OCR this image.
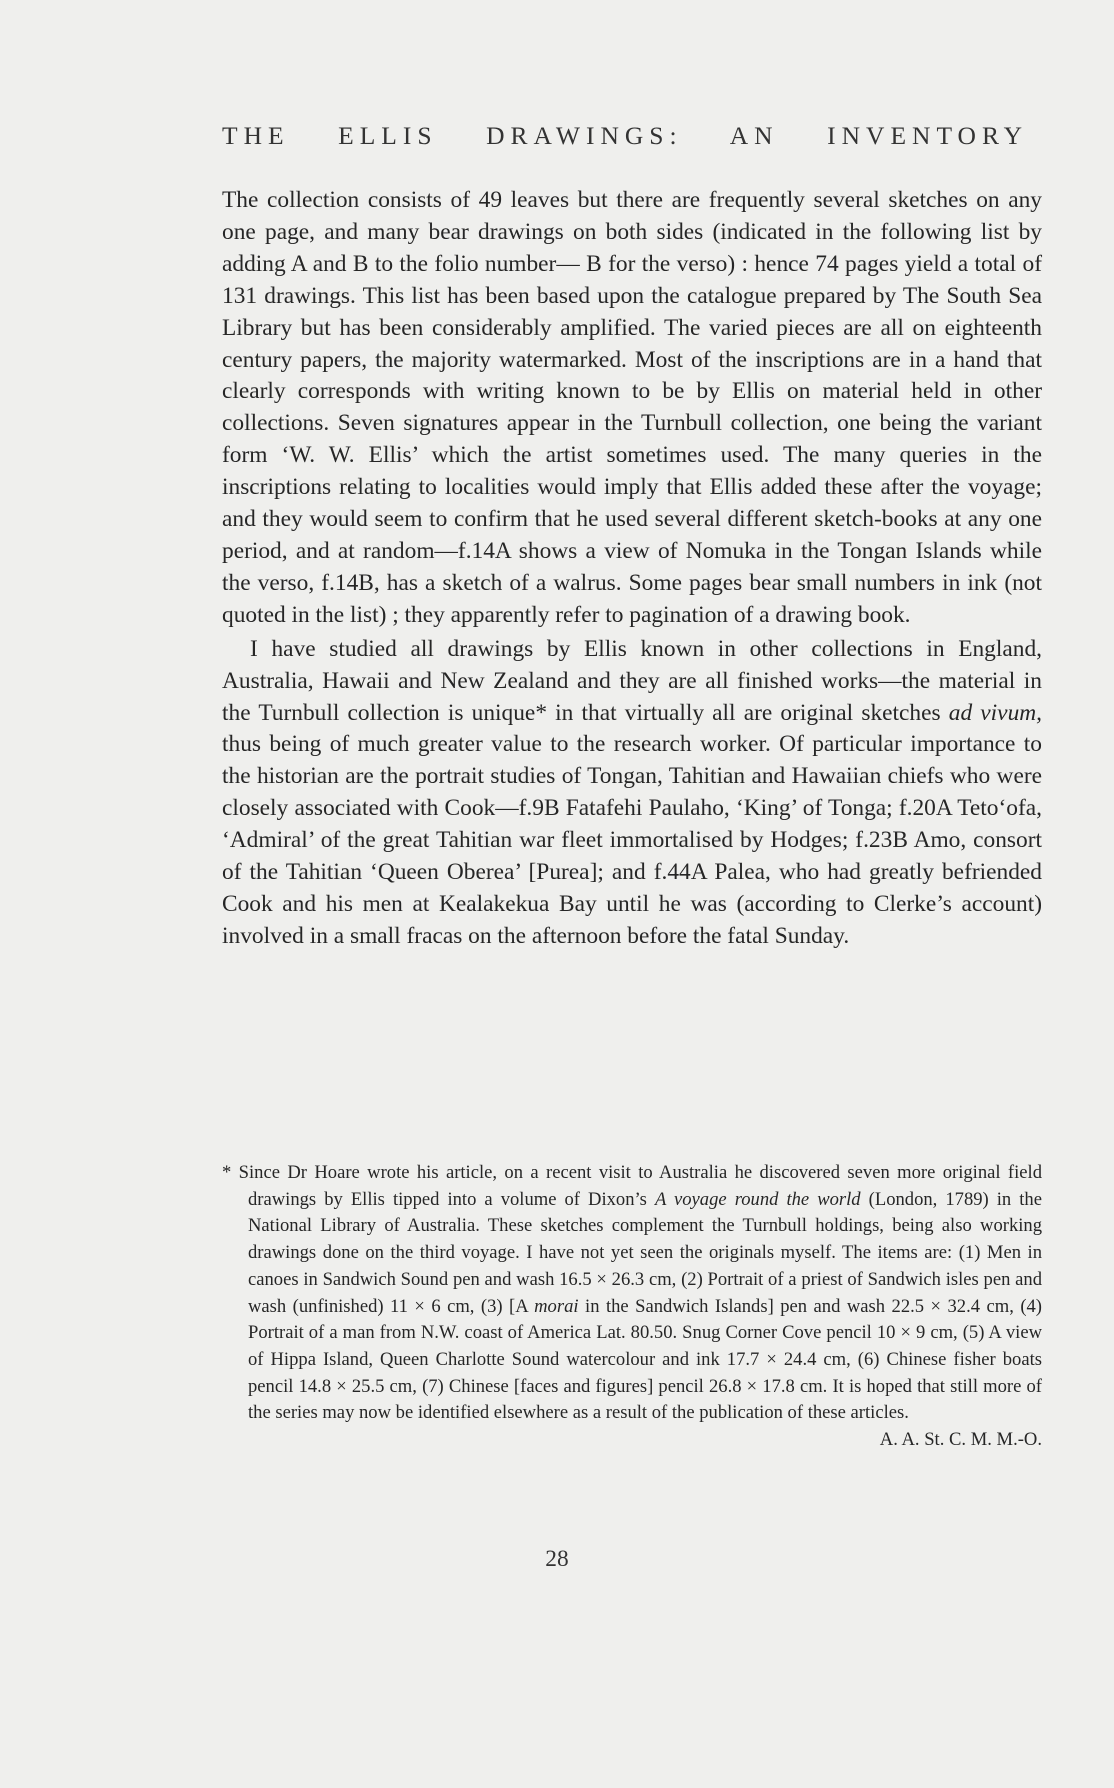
THE ELLIS DRAWINGS: AN INVENTORY

The collection consists of 49 leaves but there are frequently several sketches on any one page, and many bear drawings on both sides (indicated in the following list by adding A and B to the folio number— B for the verso) : hence 74 pages yield a total of 131 drawings. This list has been based upon the catalogue prepared by The South Sea Library but has been considerably amplified. The varied pieces are all on eighteenth century papers, the majority watermarked. Most of the inscriptions are in a hand that clearly corresponds with writing known to be by Ellis on material held in other collections. Seven signatures appear in the Turnbull collection, one being the variant form ‘W. W. Ellis’ which the artist sometimes used. The many queries in the inscriptions relating to localities would imply that Ellis added these after the voyage; and they would seem to confirm that he used several different sketch-books at any one period, and at random—f.14A shows a view of Nomuka in the Tongan Islands while the verso, f.14B, has a sketch of a walrus. Some pages bear small numbers in ink (not quoted in the list) ; they apparently refer to pagination of a drawing book.

I have studied all drawings by Ellis known in other collections in England, Australia, Hawaii and New Zealand and they are all finished works—the material in the Turnbull collection is unique* in that virtually all are original sketches ad vivum, thus being of much greater value to the research worker. Of particular importance to the historian are the portrait studies of Tongan, Tahitian and Hawaiian chiefs who were closely associated with Cook—f.9B Fatafehi Paulaho, ‘King’ of Tonga; f.20A Teto‘ofa, ‘Admiral’ of the great Tahitian war fleet immortalised by Hodges; f.23B Amo, consort of the Tahitian ‘Queen Oberea’ [Purea]; and f.44A Palea, who had greatly befriended Cook and his men at Kealakekua Bay until he was (according to Clerke’s account) involved in a small fracas on the afternoon before the fatal Sunday.

* Since Dr Hoare wrote his article, on a recent visit to Australia he discovered seven more original field drawings by Ellis tipped into a volume of Dixon’s A voyage round the world (London, 1789) in the National Library of Australia. These sketches complement the Turnbull holdings, being also working drawings done on the third voyage. I have not yet seen the originals myself. The items are: (1) Men in canoes in Sandwich Sound pen and wash 16.5 × 26.3 cm, (2) Portrait of a priest of Sandwich isles pen and wash (unfinished) 11 × 6 cm, (3) [A morai in the Sandwich Islands] pen and wash 22.5 × 32.4 cm, (4) Portrait of a man from N.W. coast of America Lat. 80.50. Snug Corner Cove pencil 10 × 9 cm, (5) A view of Hippa Island, Queen Charlotte Sound watercolour and ink 17.7 × 24.4 cm, (6) Chinese fisher boats pencil 14.8 × 25.5 cm, (7) Chinese [faces and figures] pencil 26.8 × 17.8 cm. It is hoped that still more of the series may now be identified elsewhere as a result of the publication of these articles.
A. A. St. C. M. M.-O.

28
